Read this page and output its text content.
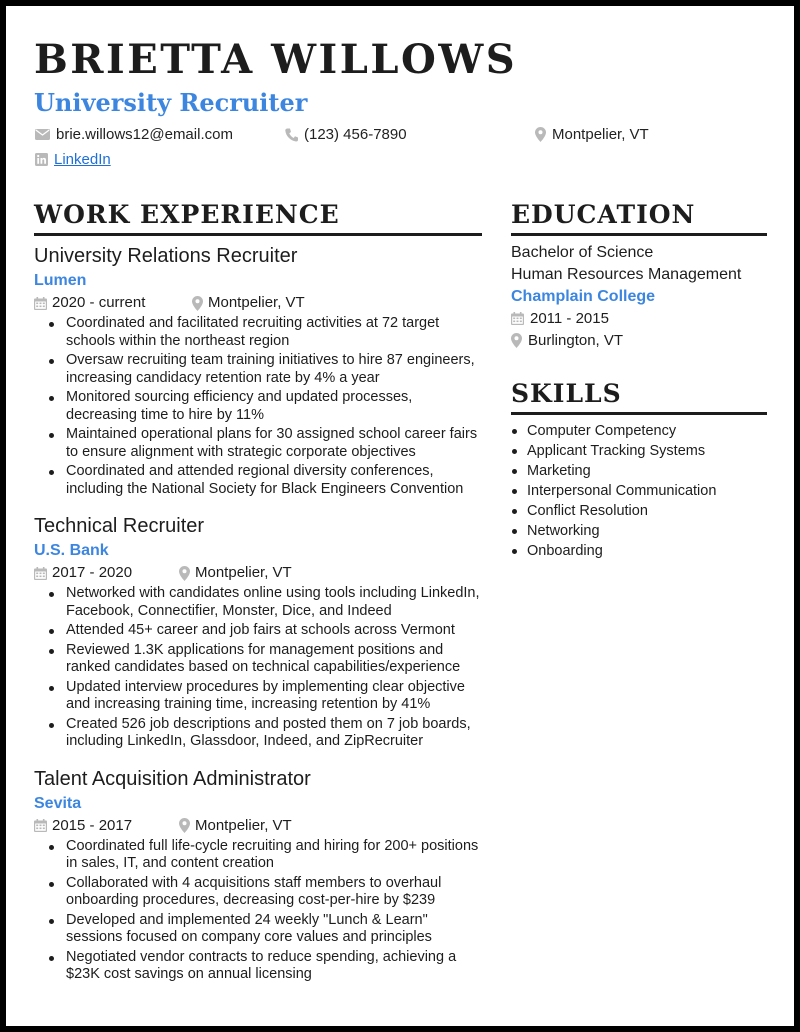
BRIETTA WILLOWS
University Recruiter
brie.willows12@email.com	(123) 456-7890	Montpelier, VT
LinkedIn
WORK EXPERIENCE
University Relations Recruiter
Lumen
2020 - current	Montpelier, VT
Coordinated and facilitated recruiting activities at 72 target schools within the northeast region
Oversaw recruiting team training initiatives to hire 87 engineers, increasing candidacy retention rate by 4% a year
Monitored sourcing efficiency and updated processes, decreasing time to hire by 11%
Maintained operational plans for 30 assigned school career fairs to ensure alignment with strategic corporate objectives
Coordinated and attended regional diversity conferences, including the National Society for Black Engineers Convention
Technical Recruiter
U.S. Bank
2017 - 2020	Montpelier, VT
Networked with candidates online using tools including LinkedIn, Facebook, Connectifier, Monster, Dice, and Indeed
Attended 45+ career and job fairs at schools across Vermont
Reviewed 1.3K applications for management positions and ranked candidates based on technical capabilities/experience
Updated interview procedures by implementing clear objective and increasing training time, increasing retention by 41%
Created 526 job descriptions and posted them on 7 job boards, including LinkedIn, Glassdoor, Indeed, and ZipRecruiter
Talent Acquisition Administrator
Sevita
2015 - 2017	Montpelier, VT
Coordinated full life-cycle recruiting and hiring for 200+ positions in sales, IT, and content creation
Collaborated with 4 acquisitions staff members to overhaul onboarding procedures, decreasing cost-per-hire by $239
Developed and implemented 24 weekly "Lunch & Learn" sessions focused on company core values and principles
Negotiated vendor contracts to reduce spending, achieving a $23K cost savings on annual licensing
EDUCATION
Bachelor of Science
Human Resources Management
Champlain College
2011 - 2015
Burlington, VT
SKILLS
Computer Competency
Applicant Tracking Systems
Marketing
Interpersonal Communication
Conflict Resolution
Networking
Onboarding
